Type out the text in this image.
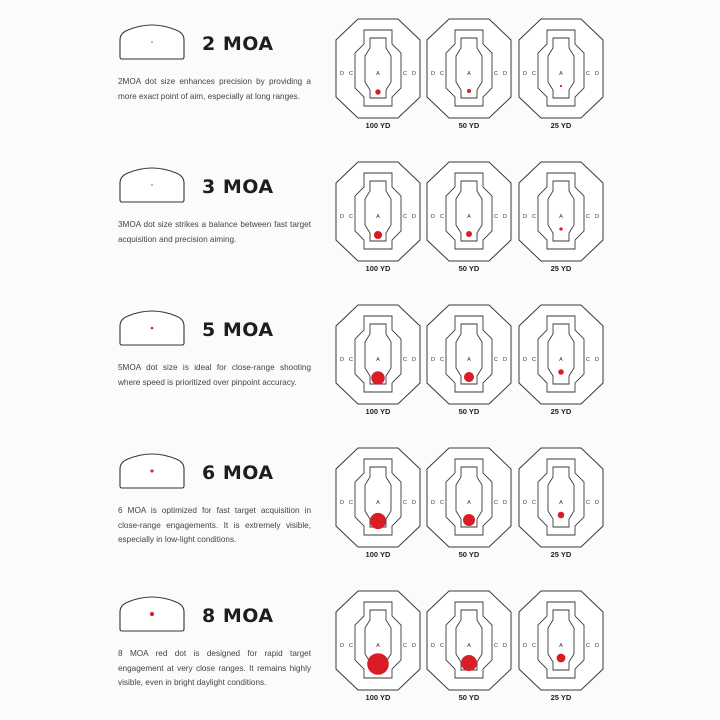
2 MOA
2MOA dot size enhances precision by providing a more exact point of aim, especially at long ranges.
D C	A	C D
100 YD
D C	A	C D
50 YD
D C	A	C D
25 YD
3 MOA
3MOA dot size strikes a balance between fast target acquisition and precision aiming.
D C	A	C D
100 YD
D C	A	C D
50 YD
D C	A	C D
25 YD
5 MOA
5MOA dot size is ideal for close-range shooting where speed is prioritized over pinpoint accuracy.
D C	A	C D
100 YD
D C	A	C D
50 YD
D C	A	C D
25 YD
6 MOA
6 MOA is optimized for fast target acquisition in close-range engagements. It is extremely visible, especially in low-light conditions.
D C	A	C D
100 YD
D C	A	C D
50 YD
D C	A	C D
25 YD
8 MOA
8 MOA red dot is designed for rapid target engagement at very close ranges. It remains highly visible, even in bright daylight conditions.
D C	A	C D
100 YD
D C	A	C D
50 YD
D C	A	C D
25 YD
